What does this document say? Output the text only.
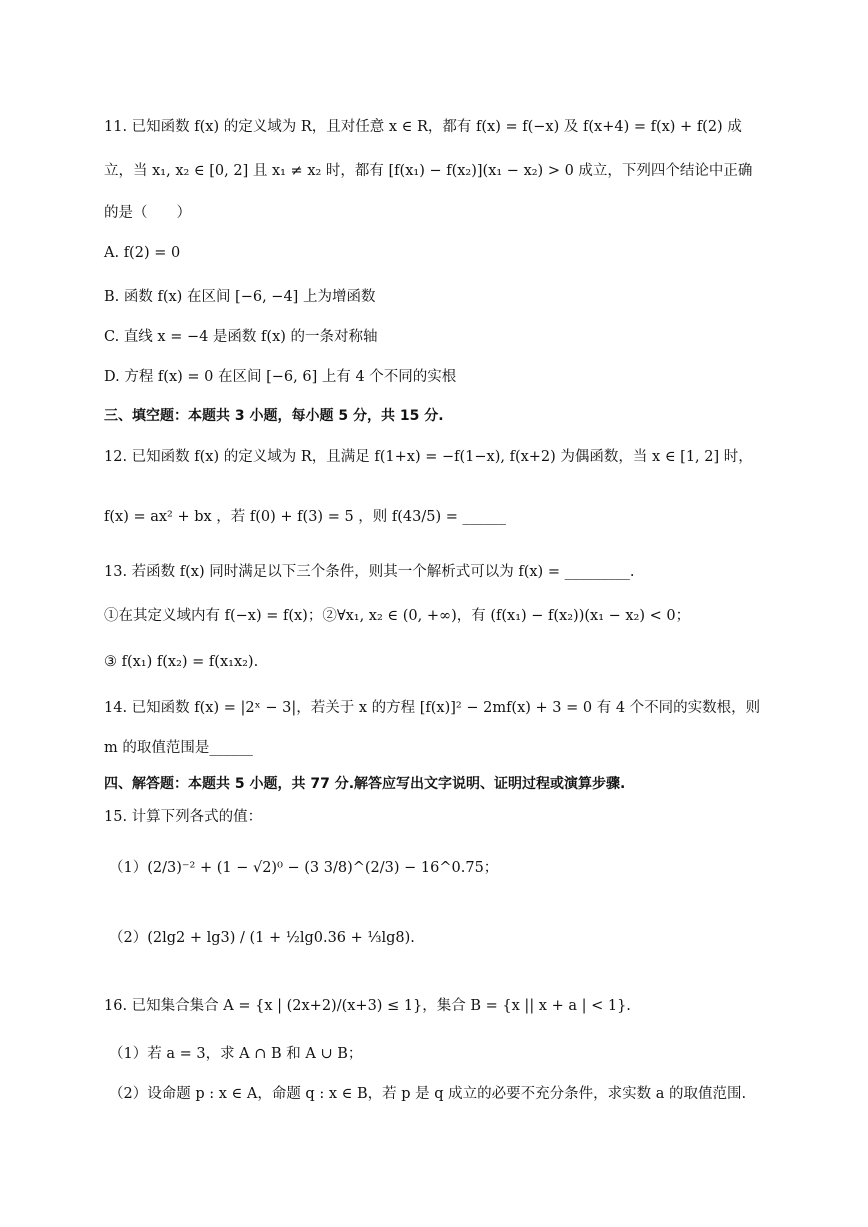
11. 已知函数 f(x) 的定义域为 R，且对任意 x ∈ R，都有 f(x) = f(−x) 及 f(x+4) = f(x) + f(2) 成
立，当 x₁, x₂ ∈ [0, 2] 且 x₁ ≠ x₂ 时，都有 [f(x₁) − f(x₂)](x₁ − x₂) > 0 成立，下列四个结论中正确
的是（　　）
A. f(2) = 0
B. 函数 f(x) 在区间 [−6, −4] 上为增函数
C. 直线 x = −4 是函数 f(x) 的一条对称轴
D. 方程 f(x) = 0 在区间 [−6, 6] 上有 4 个不同的实根
三、填空题：本题共 3 小题，每小题 5 分，共 15 分.
12. 已知函数 f(x) 的定义域为 R，且满足 f(1+x) = −f(1−x), f(x+2) 为偶函数，当 x ∈ [1, 2] 时，
f(x) = ax² + bx ，若 f(0) + f(3) = 5 ，则 f(43/5) = ______
13. 若函数 f(x) 同时满足以下三个条件，则其一个解析式可以为 f(x) = _________.
①在其定义域内有 f(−x) = f(x)；②∀x₁, x₂ ∈ (0, +∞)，有 (f(x₁) − f(x₂))(x₁ − x₂) < 0；
③ f(x₁) f(x₂) = f(x₁x₂).
14. 已知函数 f(x) = |2ˣ − 3|，若关于 x 的方程 [f(x)]² − 2mf(x) + 3 = 0 有 4 个不同的实数根，则
m 的取值范围是______
四、解答题：本题共 5 小题，共 77 分.解答应写出文字说明、证明过程或演算步骤.
15. 计算下列各式的值：
（1）(2/3)⁻² + (1 − √2)⁰ − (3 3/8)^(2/3) − 16^0.75；
（2）(2lg2 + lg3) / (1 + ½lg0.36 + ⅓lg8).
16. 已知集合集合 A = {x | (2x+2)/(x+3) ≤ 1}，集合 B = {x || x + a | < 1}.
（1）若 a = 3，求 A ∩ B 和 A ∪ B；
（2）设命题 p : x ∈ A，命题 q : x ∈ B，若 p 是 q 成立的必要不充分条件，求实数 a 的取值范围.
